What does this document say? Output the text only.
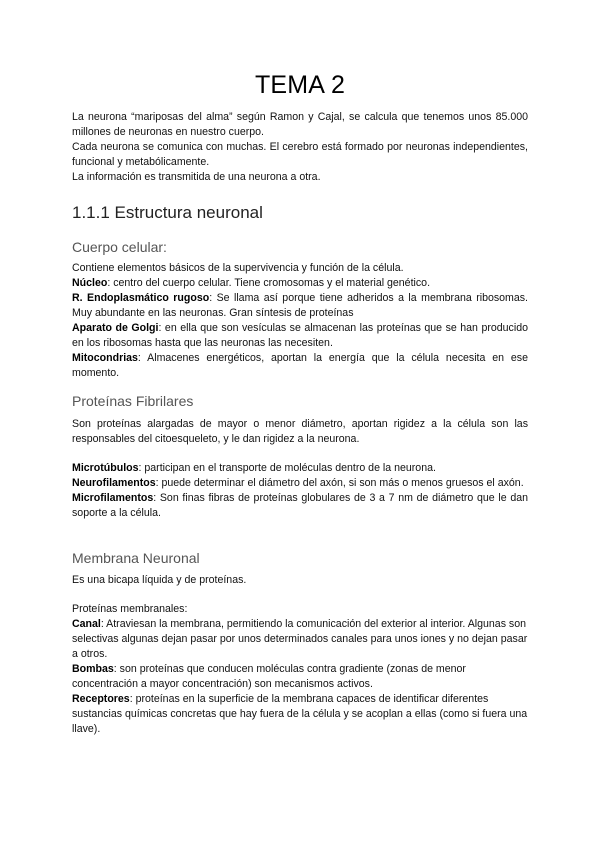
TEMA 2

La neurona “mariposas del alma” según Ramon y Cajal, se calcula que tenemos unos 85.000 millones de neuronas en nuestro cuerpo.

Cada neurona se comunica con muchas. El cerebro está formado por neuronas independientes, funcional y metabólicamente.

La información es transmitida de una neurona a otra.

1.1.1 Estructura neuronal
Cuerpo celular:

Contiene elementos básicos de la supervivencia y función de la célula.

Núcleo: centro del cuerpo celular. Tiene cromosomas y el material genético.

R. Endoplasmático rugoso: Se llama así porque tiene adheridos a la membrana ribosomas. Muy abundante en las neuronas. Gran síntesis de proteínas

Aparato de Golgi: en ella que son vesículas se almacenan las proteínas que se han producido en los ribosomas hasta que las neuronas las necesiten.

Mitocondrias: Almacenes energéticos, aportan la energía que la célula necesita en ese momento.

Proteínas Fibrilares

Son proteínas alargadas de mayor o menor diámetro, aportan rigidez a la célula son las responsables del citoesqueleto, y le dan rigidez a la neurona.

Microtúbulos: participan en el transporte de moléculas dentro de la neurona.

Neurofilamentos: puede determinar el diámetro del axón, si son más o menos gruesos el axón.

Microfilamentos: Son finas fibras de proteínas globulares de 3 a 7 nm de diámetro que le dan soporte a la célula.

Membrana Neuronal

Es una bicapa líquida y de proteínas.

Proteínas membranales:

Canal: Atraviesan la membrana, permitiendo la comunicación del exterior al interior. Algunas son selectivas algunas dejan pasar por unos determinados canales para unos iones y no dejan pasar a otros.

Bombas: son proteínas que conducen moléculas contra gradiente (zonas de menor concentración a mayor concentración) son mecanismos activos.

Receptores: proteínas en la superficie de la membrana capaces de identificar diferentes sustancias químicas concretas que hay fuera de la célula y se acoplan a ellas (como si fuera una llave).
